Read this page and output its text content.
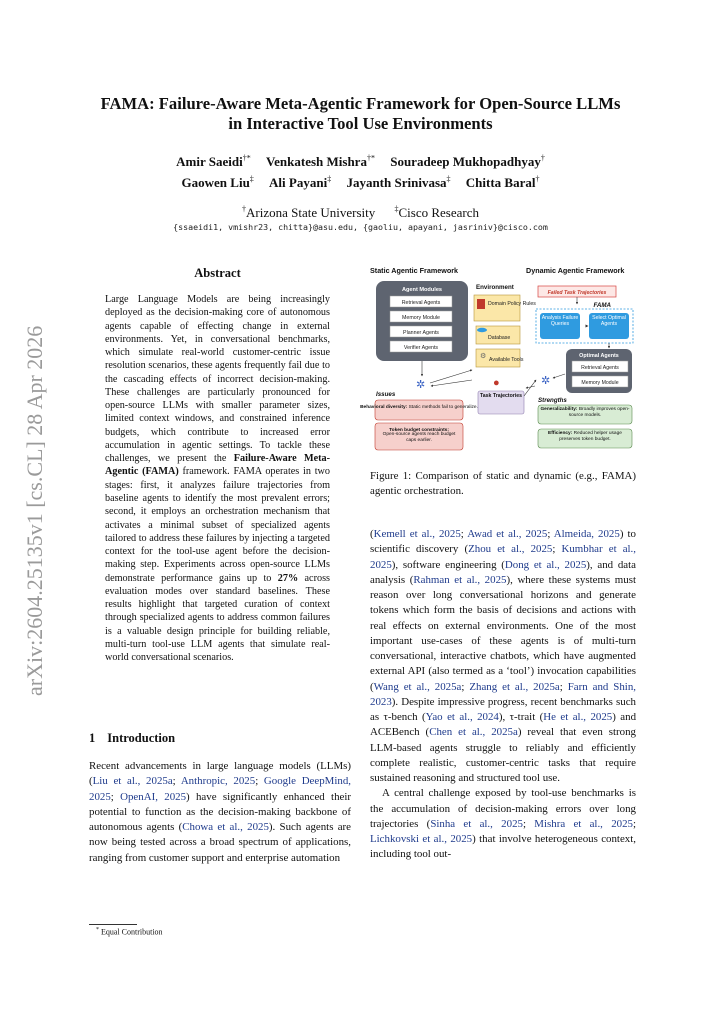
arXiv:2604.25135v1 [cs.CL] 28 Apr 2026
FAMA: Failure-Aware Meta-Agentic Framework for Open-Source LLMs
in Interactive Tool Use Environments
Amir Saeidi†* Venkatesh Mishra†* Souradeep Mukhopadhyay†
Gaowen Liu‡ Ali Payani‡ Jayanth Srinivasa‡ Chitta Baral†
†Arizona State University ‡Cisco Research
{ssaeidi1, vmishr23, chitta}@asu.edu, {gaoliu, apayani, jasriniv}@cisco.com
Abstract

Large Language Models are being increasingly deployed as the decision-making core of autonomous agents capable of effecting change in external environments. Yet, in conversational benchmarks, which simulate real-world customer-centric issue resolution scenarios, these agents frequently fail due to the cascading effects of incorrect decision-making. These challenges are particularly pronounced for open-source LLMs with smaller parameter sizes, limited context windows, and constrained inference budgets, which contribute to increased error accumulation in agentic settings. To tackle these challenges, we present the Failure-Aware Meta-Agentic (FAMA) framework. FAMA operates in two stages: first, it analyzes failure trajectories from baseline agents to identify the most prevalent errors; second, it employs an orchestration mechanism that activates a minimal subset of specialized agents tailored to address these failures by injecting a targeted context for the tool-use agent before the decision-making step. Experiments across open-source LLMs demonstrate performance gains up to 27% across evaluation modes over standard baselines. These results highlight that targeted curation of context through specialized agents to address common failures is a valuable design principle for building reliable, multi-turn tool-use LLM agents that simulate real-world conversational scenarios.

1 Introduction

Recent advancements in large language models (LLMs) (Liu et al., 2025a; Anthropic, 2025; Google DeepMind, 2025; OpenAI, 2025) have significantly enhanced their potential to function as the decision-making backbone of autonomous agents (Chowa et al., 2025). Such agents are now being tested across a broad spectrum of applications, ranging from customer support and enterprise automation

* Equal Contribution
Static Agentic Framework	Dynamic Agentic Framework
Environment
Agent Modules
Retrieval Agents
Memory Module
Planner Agents
Verifier Agents
Domain Policy Rules
Database
⚙ Available Tools
✲
Issues
Behavioral diversity: Static methods fail to generalize.
Token budget constraints:
Open-source agents reach budget caps earlier.
●
Task Trajectories
Failed Task Trajectories
FAMA
Analysis Failure Queries
Select Optimal Agents
Optimal Agents
Retrieval Agents
Memory Module
✲
Strengths
Generalizability: Broadly improves open-source models.
Efficiency: Reduced helper usage preserves token budget.
Figure 1: Comparison of static and dynamic (e.g., FAMA) agentic orchestration.

(Kemell et al., 2025; Awad et al., 2025; Almeida, 2025) to scientific discovery (Zhou et al., 2025; Kumbhar et al., 2025), software engineering (Dong et al., 2025), and data analysis (Rahman et al., 2025), where these systems must reason over long conversational horizons and generate tokens which form the basis of decisions and actions with real effects on external environments. One of the most important use-cases of these agents is of multi-turn conversational, interactive chatbots, which have augmented external API (also termed as a ‘tool’) invocation capabilities (Wang et al., 2025a; Zhang et al., 2025a; Farn and Shin, 2023). Despite impressive progress, recent benchmarks such as τ-bench (Yao et al., 2024), τ-trait (He et al., 2025) and ACEBench (Chen et al., 2025a) reveal that even strong LLM-based agents struggle to reliably and efficiently complete realistic, customer-centric tasks that require sustained reasoning and structured tool use.

A central challenge exposed by tool-use benchmarks is the accumulation of decision-making errors over long trajectories (Sinha et al., 2025; Mishra et al., 2025; Lichkovski et al., 2025) that involve heterogeneous context, including tool out-
